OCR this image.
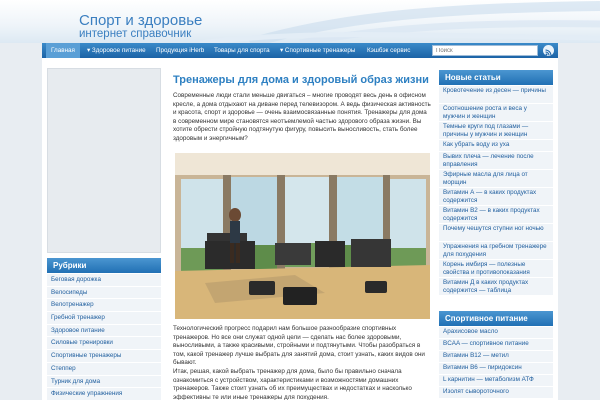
Спорт и здоровье
интернет справочник
Главная	▾ Здоровое питание Продукция iHerb Товары для спорта ▾ Спортивные тренажеры Кэшбэк сервис
Поиск
Рубрики
Беговая дорожка
Велосипеды
Велотренажер
Гребной тренажер
Здоровое питание
Силовые тренировки
Спортивные тренажеры
Степпер
Турник для дома
Физические упражнения
Тренажеры для дома и здоровый образ жизни

Современные люди стали меньше двигаться – многие проводят весь день в офисном кресле, а дома отдыхают на диване перед телевизором. А ведь физическая активность и красота, спорт и здоровье — очень взаимосвязанные понятия. Тренажеры для дома в современном мире становятся неотъемлемой частью здорового образа жизни. Вы хотите обрести стройную подтянутую фигуру, повысить выносливость, стать более здоровым и энергичным?

Технологический прогресс подарил нам большое разнообразие спортивных тренажеров. Но все они служат одной цели — сделать нас более здоровыми, выносливыми, а также красивыми, стройными и подтянутыми. Чтобы разобраться в том, какой тренажер лучше выбрать для занятий дома, стоит узнать, каких видов они бывают.

Итак, решая, какой выбрать тренажер для дома, было бы правильно сначала ознакомиться с устройством, характеристиками и возможностями домашних тренажеров. Также стоит узнать об их преимуществах и недостатках и насколько эффективны те или иные тренажеры для похудения.

Новые статьи
Кровотечение из десен — причины
Соотношение роста и веса у мужчин и женщин
Темные круги под глазами — причины у мужчин и женщин
Как убрать воду из уха
Вывих плеча — лечение после вправления
Эфирные масла для лица от морщин
Витамин А — в каких продуктах содержится
Витамин В2 — в каких продуктах содержится
Почему чешутся ступни ног ночью
Упражнения на гребном тренажере для похудения
Корень имбиря — полезные свойства и противопоказания
Витамин Д в каких продуктах содержится — таблица
Спортивное питание
Арахисовое масло
BCAA — спортивное питание
Витамин В12 — метил
Витамин В6 — пиридоксин
L карнитин — метаболизм АТФ
Изолят сывороточного
